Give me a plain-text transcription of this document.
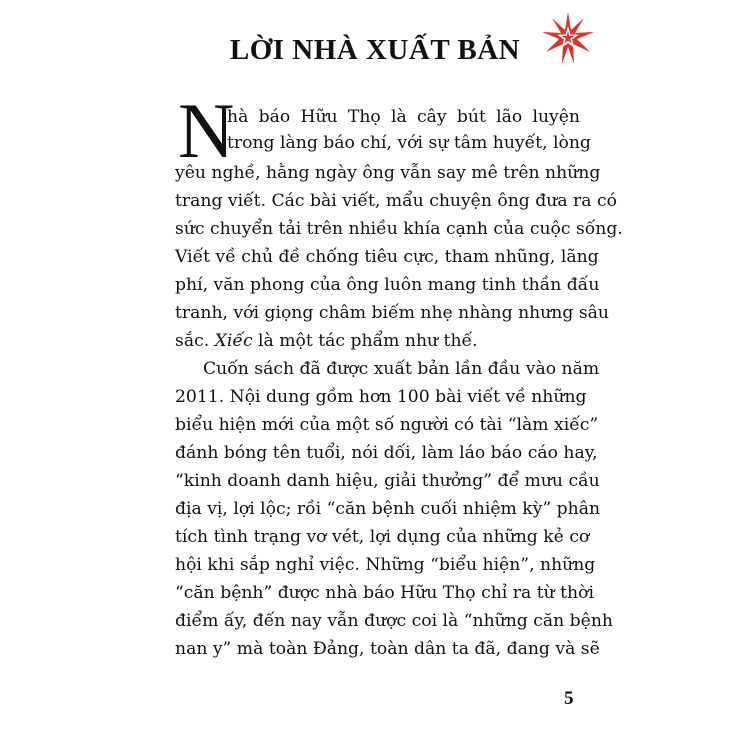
LỜI NHÀ XUẤT BẢN
N
hà báo Hữu Thọ là cây bút lão luyện
trong làng báo chí, với sự tâm huyết, lòng
yêu nghề, hằng ngày ông vẫn say mê trên những
trang viết. Các bài viết, mẩu chuyện ông đưa ra có
sức chuyển tải trên nhiều khía cạnh của cuộc sống.
Viết về chủ đề chống tiêu cực, tham nhũng, lãng
phí, văn phong của ông luôn mang tinh thần đấu
tranh, với giọng châm biếm nhẹ nhàng nhưng sâu
sắc. Xiếc là một tác phẩm như thế.
Cuốn sách đã được xuất bản lần đầu vào năm
2011. Nội dung gồm hơn 100 bài viết về những
biểu hiện mới của một số người có tài “làm xiếc”
đánh bóng tên tuổi, nói dối, làm láo báo cáo hay,
“kinh doanh danh hiệu, giải thưởng” để mưu cầu
địa vị, lợi lộc; rồi “căn bệnh cuối nhiệm kỳ” phân
tích tình trạng vơ vét, lợi dụng của những kẻ cơ
hội khi sắp nghỉ việc. Những “biểu hiện”, những
“căn bệnh” được nhà báo Hữu Thọ chỉ ra từ thời
điểm ấy, đến nay vẫn được coi là “những căn bệnh
nan y” mà toàn Đảng, toàn dân ta đã, đang và sẽ
5
